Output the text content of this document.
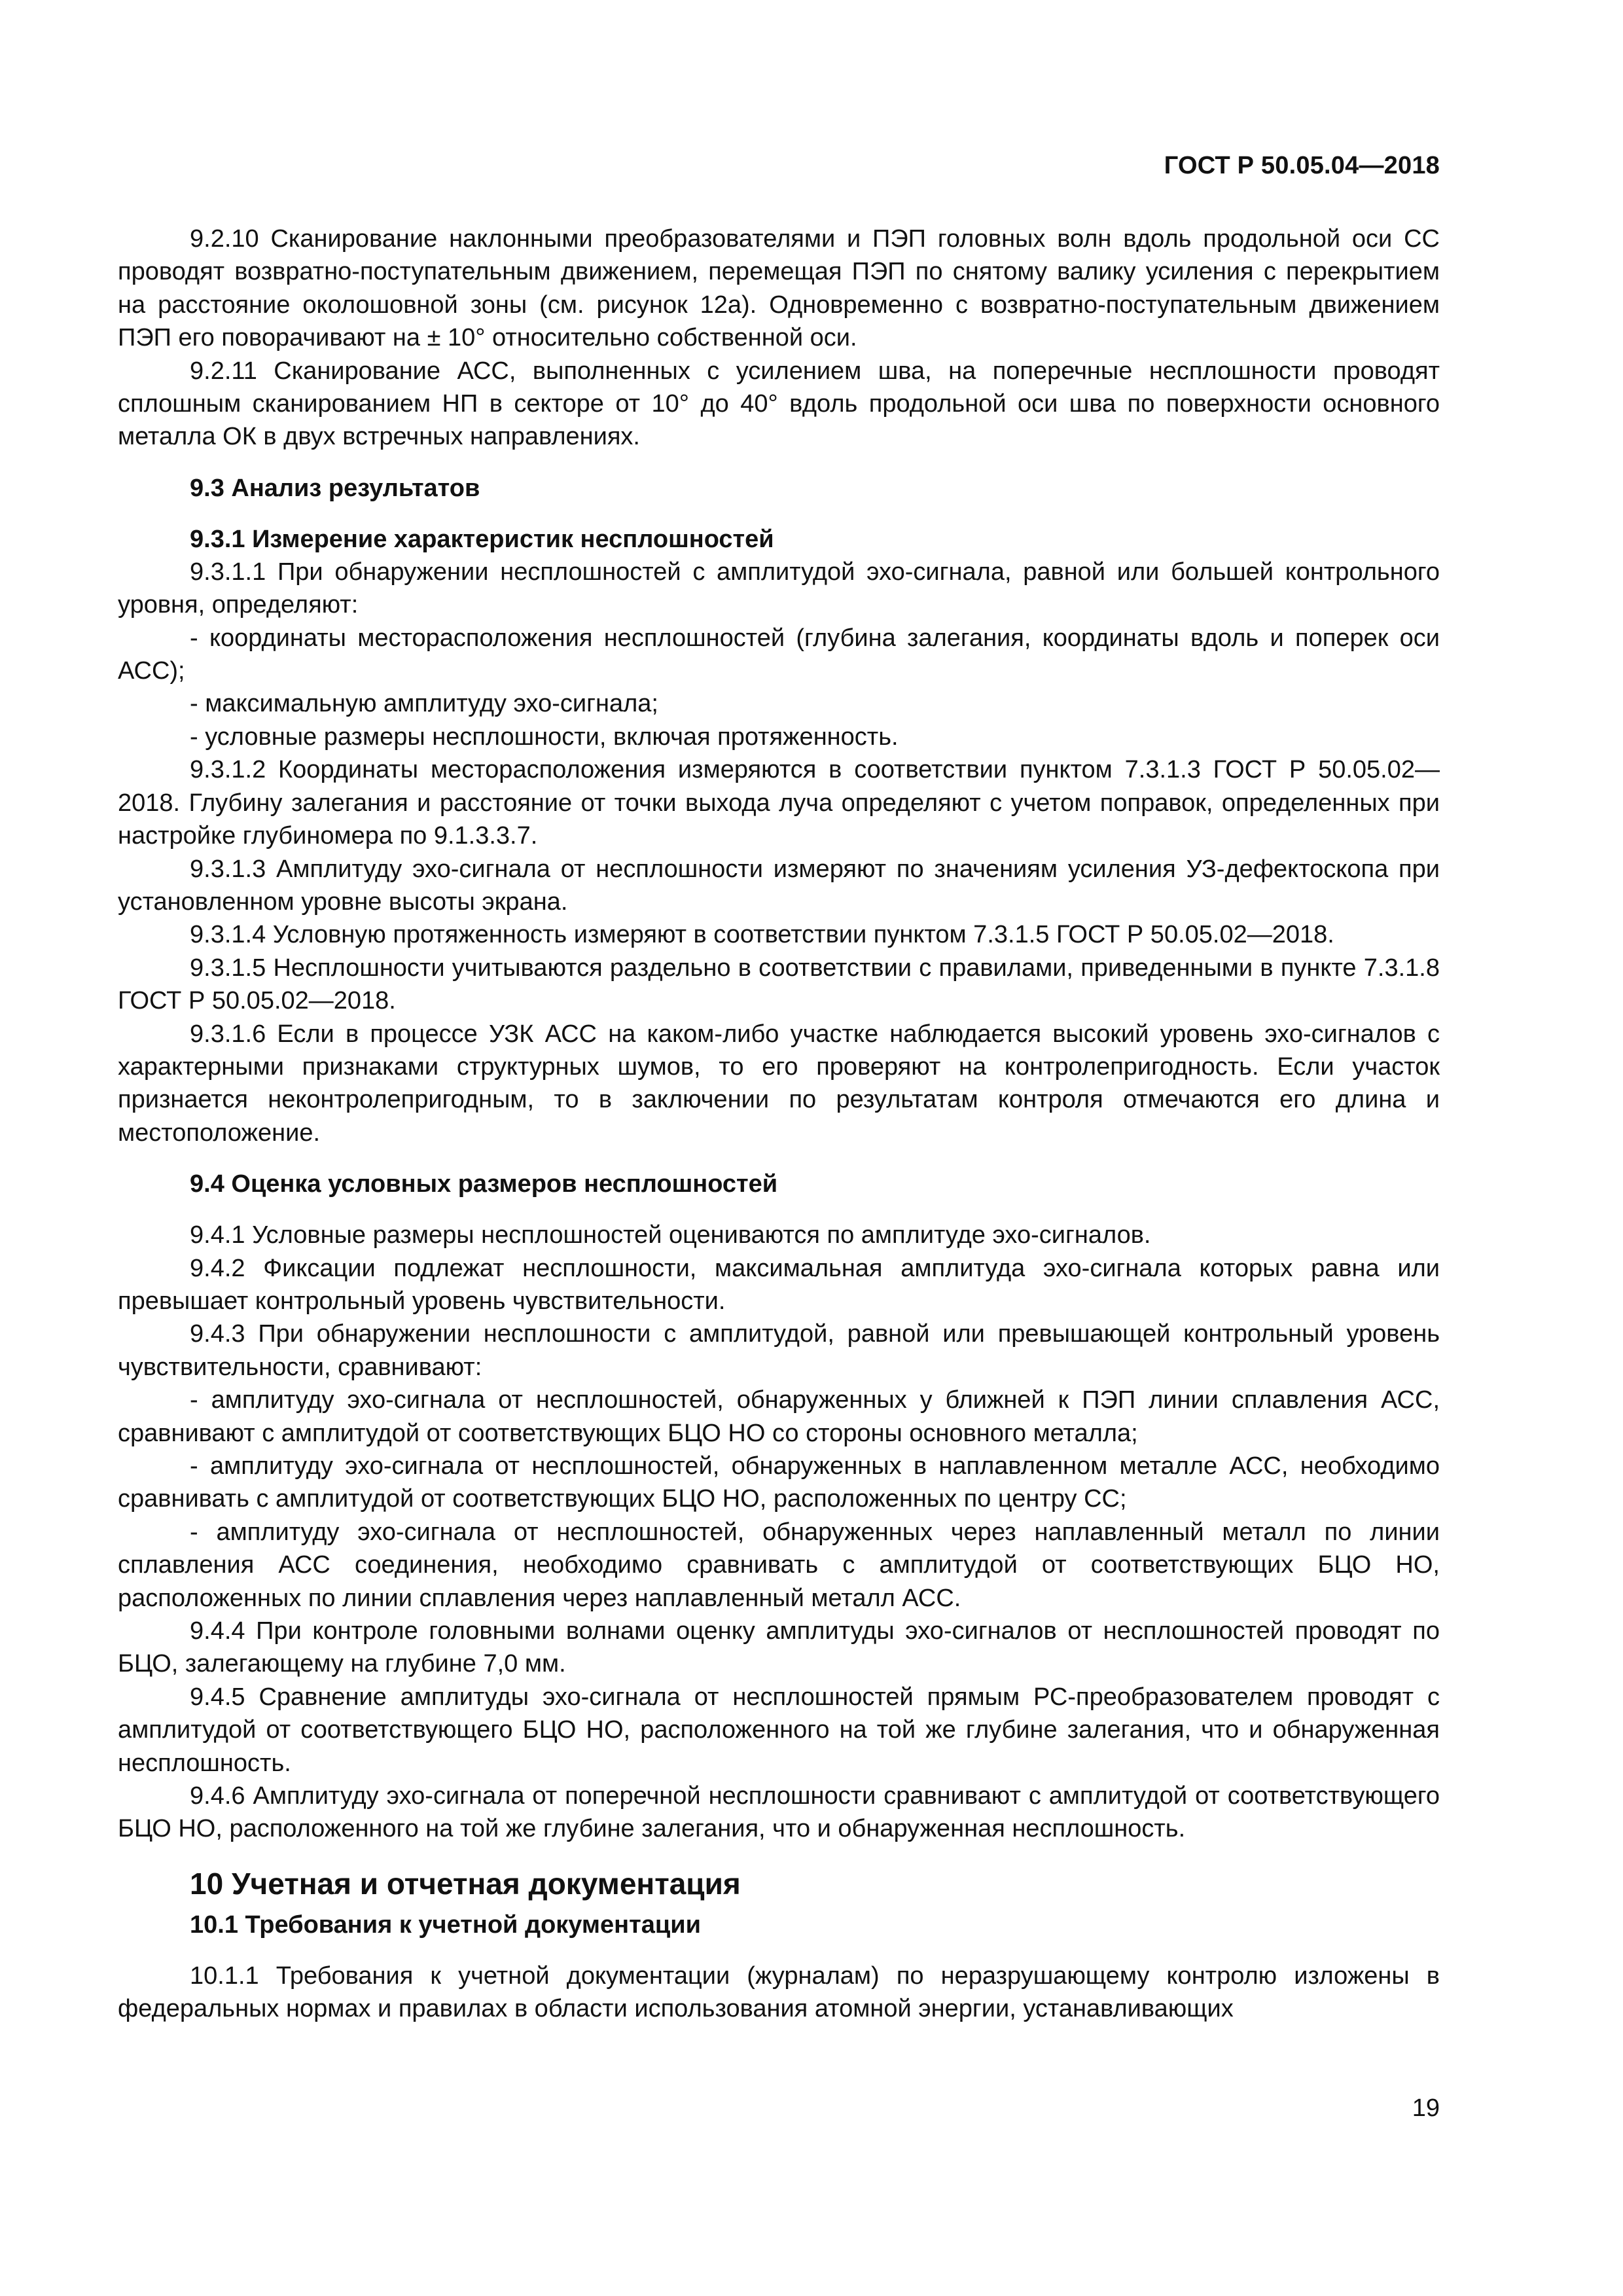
ГОСТ Р 50.05.04—2018

9.2.10 Сканирование наклонными преобразователями и ПЭП головных волн вдоль продольной оси СС проводят возвратно-поступательным движением, перемещая ПЭП по снятому валику усиления с перекрытием на расстояние околошовной зоны (см. рисунок 12а). Одновременно с возвратно-поступательным движением ПЭП его поворачивают на ± 10° относительно собственной оси.

9.2.11 Сканирование АСС, выполненных с усилением шва, на поперечные несплошности проводят сплошным сканированием НП в секторе от 10° до 40° вдоль продольной оси шва по поверхности основного металла ОК в двух встречных направлениях.

9.3 Анализ результатов
9.3.1 Измерение характеристик несплошностей

9.3.1.1 При обнаружении несплошностей с амплитудой эхо-сигнала, равной или большей контрольного уровня, определяют:

- координаты месторасположения несплошностей (глубина залегания, координаты вдоль и поперек оси АСС);

- максимальную амплитуду эхо-сигнала;

- условные размеры несплошности, включая протяженность.

9.3.1.2 Координаты месторасположения измеряются в соответствии пунктом 7.3.1.3 ГОСТ Р 50.05.02—2018. Глубину залегания и расстояние от точки выхода луча определяют с учетом поправок, определенных при настройке глубиномера по 9.1.3.3.7.

9.3.1.3 Амплитуду эхо-сигнала от несплошности измеряют по значениям усиления УЗ-дефектоскопа при установленном уровне высоты экрана.

9.3.1.4 Условную протяженность измеряют в соответствии пунктом 7.3.1.5 ГОСТ Р 50.05.02—2018.

9.3.1.5 Несплошности учитываются раздельно в соответствии с правилами, приведенными в пункте 7.3.1.8 ГОСТ Р 50.05.02—2018.

9.3.1.6 Если в процессе УЗК АСС на каком-либо участке наблюдается высокий уровень эхо-сигналов с характерными признаками структурных шумов, то его проверяют на контролепригодность. Если участок признается неконтролепригодным, то в заключении по результатам контроля отмечаются его длина и местоположение.

9.4 Оценка условных размеров несплошностей

9.4.1 Условные размеры несплошностей оцениваются по амплитуде эхо-сигналов.

9.4.2 Фиксации подлежат несплошности, максимальная амплитуда эхо-сигнала которых равна или превышает контрольный уровень чувствительности.

9.4.3 При обнаружении несплошности с амплитудой, равной или превышающей контрольный уровень чувствительности, сравнивают:

- амплитуду эхо-сигнала от несплошностей, обнаруженных у ближней к ПЭП линии сплавления АСС, сравнивают с амплитудой от соответствующих БЦО НО со стороны основного металла;

- амплитуду эхо-сигнала от несплошностей, обнаруженных в наплавленном металле АСС, необходимо сравнивать с амплитудой от соответствующих БЦО НО, расположенных по центру СС;

- амплитуду эхо-сигнала от несплошностей, обнаруженных через наплавленный металл по линии сплавления АСС соединения, необходимо сравнивать с амплитудой от соответствующих БЦО НО, расположенных по линии сплавления через наплавленный металл АСС.

9.4.4 При контроле головными волнами оценку амплитуды эхо-сигналов от несплошностей проводят по БЦО, залегающему на глубине 7,0 мм.

9.4.5 Сравнение амплитуды эхо-сигнала от несплошностей прямым РС-преобразователем проводят с амплитудой от соответствующего БЦО НО, расположенного на той же глубине залегания, что и обнаруженная несплошность.

9.4.6 Амплитуду эхо-сигнала от поперечной несплошности сравнивают с амплитудой от соответствующего БЦО НО, расположенного на той же глубине залегания, что и обнаруженная несплошность.

10 Учетная и отчетная документация
10.1 Требования к учетной документации

10.1.1 Требования к учетной документации (журналам) по неразрушающему контролю изложены в федеральных нормах и правилах в области использования атомной энергии, устанавливающих

19
